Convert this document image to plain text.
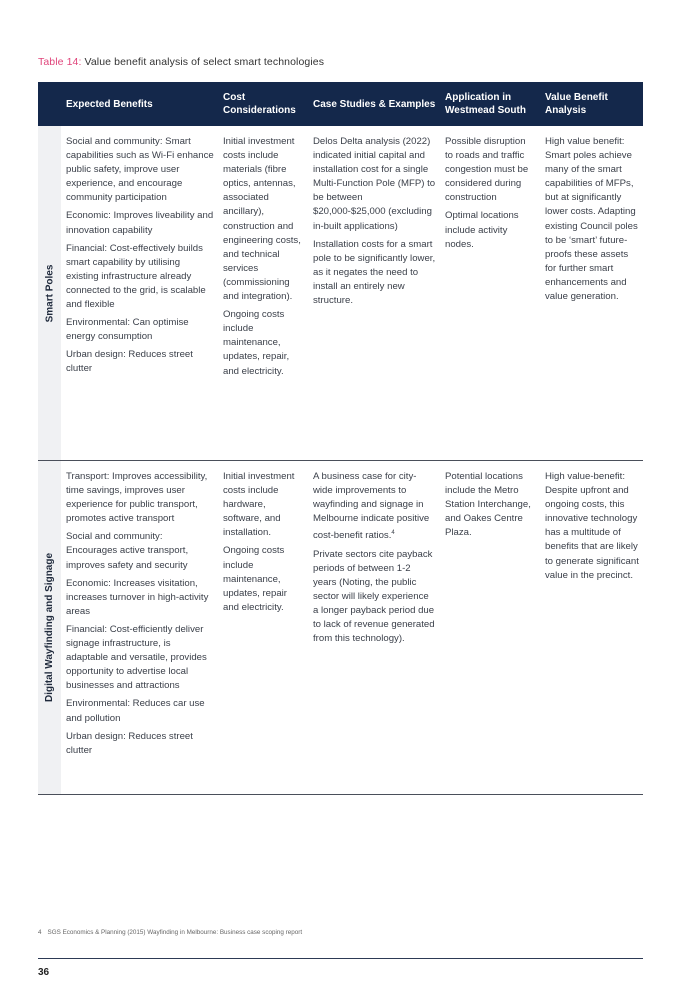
Table 14: Value benefit analysis of select smart technologies
Expected Benefits
Cost Considerations
Case Studies & Examples
Application in Westmead South
Value Benefit Analysis
Smart Poles

Social and community: Smart capabilities such as Wi-Fi enhance public safety, improve user experience, and encourage community participation

Economic: Improves liveability and innovation capability

Financial: Cost-effectively builds smart capability by utilising existing infrastructure already connected to the grid, is scalable and flexible

Environmental: Can optimise energy consumption

Urban design: Reduces street clutter

Initial investment costs include materials (fibre optics, antennas, associated ancillary), construction and engineering costs, and technical services (commissioning and integration).

Ongoing costs include maintenance, updates, repair, and electricity.

Delos Delta analysis (2022) indicated initial capital and installation cost for a single Multi-Function Pole (MFP) to be between $20,000-$25,000 (excluding in-built applications)

Installation costs for a smart pole to be significantly lower, as it negates the need to install an entirely new structure.

Possible disruption to roads and traffic congestion must be considered during construction

Optimal locations include activity nodes.

High value benefit: Smart poles achieve many of the smart capabilities of MFPs, but at significantly lower costs. Adapting existing Council poles to be ‘smart’ future-proofs these assets for further smart enhancements and value generation.

Digital Wayfinding and Signage

Transport: Improves accessibility, time savings, improves user experience for public transport, promotes active transport

Social and community: Encourages active transport, improves safety and security

Economic: Increases visitation, increases turnover in high-activity areas

Financial: Cost-efficiently deliver signage infrastructure, is adaptable and versatile, provides opportunity to advertise local businesses and attractions

Environmental: Reduces car use and pollution

Urban design: Reduces street clutter

Initial investment costs include hardware, software, and installation.

Ongoing costs include maintenance, updates, repair and electricity.

A business case for city-wide improvements to wayfinding and signage in Melbourne indicate positive cost-benefit ratios.$^4$

Private sectors cite payback periods of between 1-2 years (Noting, the public sector will likely experience a longer payback period due to lack of revenue generated from this technology).

Potential locations include the Metro Station Interchange, and Oakes Centre Plaza.

High value-benefit: Despite upfront and ongoing costs, this innovative technology has a multitude of benefits that are likely to generate significant value in the precinct.

4 SGS Economics & Planning (2015) Wayfinding in Melbourne: Business case scoping report
36
